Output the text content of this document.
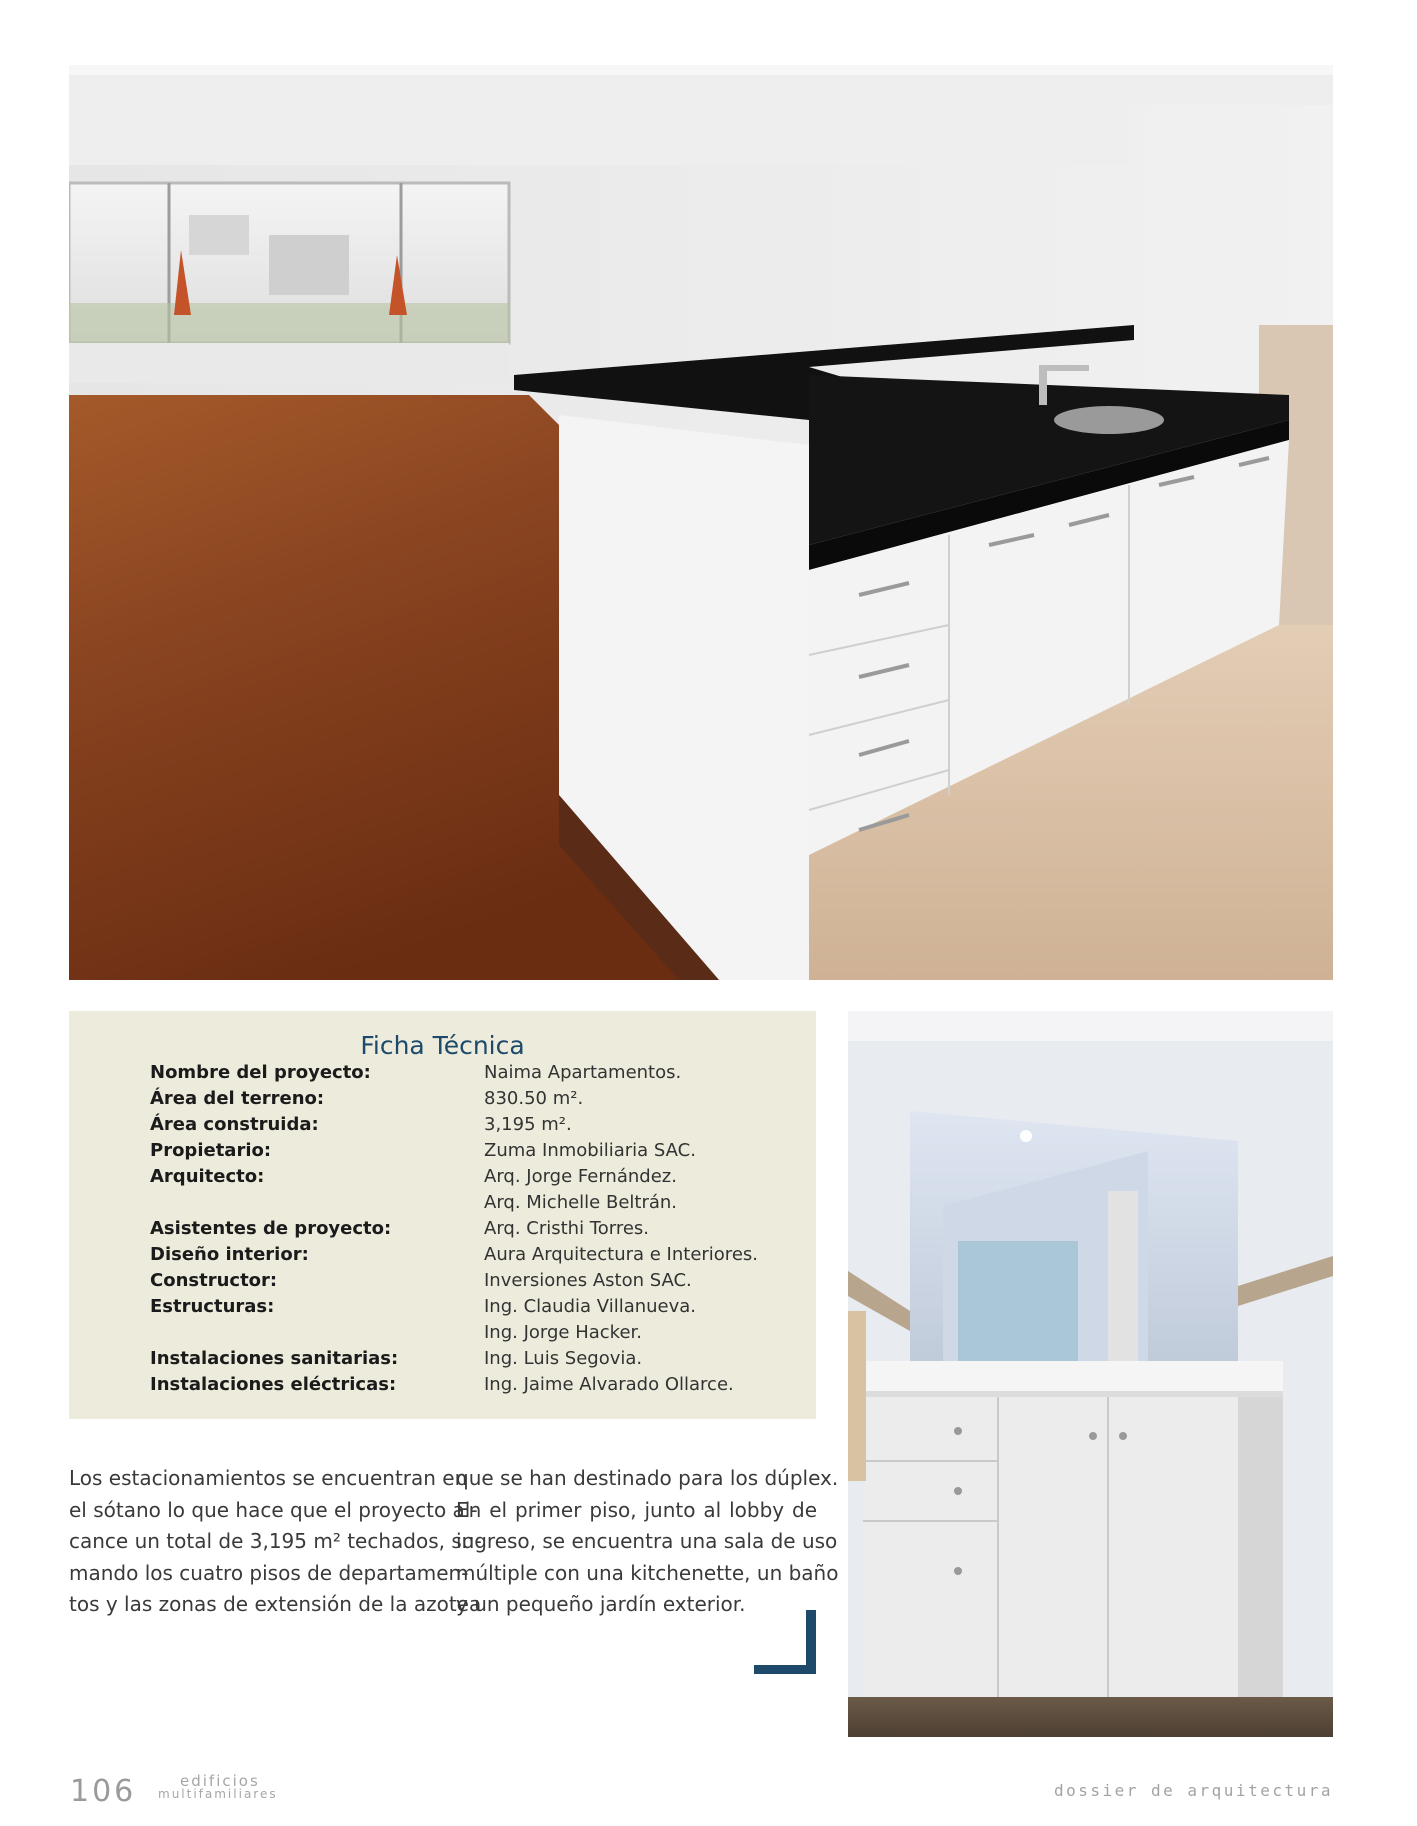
Ficha Técnica
Nombre del proyecto:	Naima Apartamentos.
Área del terreno:	830.50 m².
Área construida:	3,195 m².
Propietario:	Zuma Inmobiliaria SAC.
Arquitecto:	Arq. Jorge Fernández.
Arq. Michelle Beltrán.
Asistentes de proyecto:	Arq. Cristhi Torres.
Diseño interior:	Aura Arquitectura e Interiores.
Constructor:	Inversiones Aston SAC.
Estructuras:	Ing. Claudia Villanueva.
Ing. Jorge Hacker.
Instalaciones sanitarias:	Ing. Luis Segovia.
Instalaciones eléctricas:	Ing. Jaime Alvarado Ollarce.
Los estacionamientos se encuentran en
el sótano lo que hace que el proyecto al-
cance un total de 3,195 m² techados, su-
mando los cuatro pisos de departamen-
tos y las zonas de extensión de la azotea
que se han destinado para los dúplex.
En el primer piso, junto al lobby de
ingreso, se encuentra una sala de uso
múltiple con una kitchenette, un baño
y un pequeño jardín exterior.
106	edificios
multifamiliares	dossier de arquitectura
